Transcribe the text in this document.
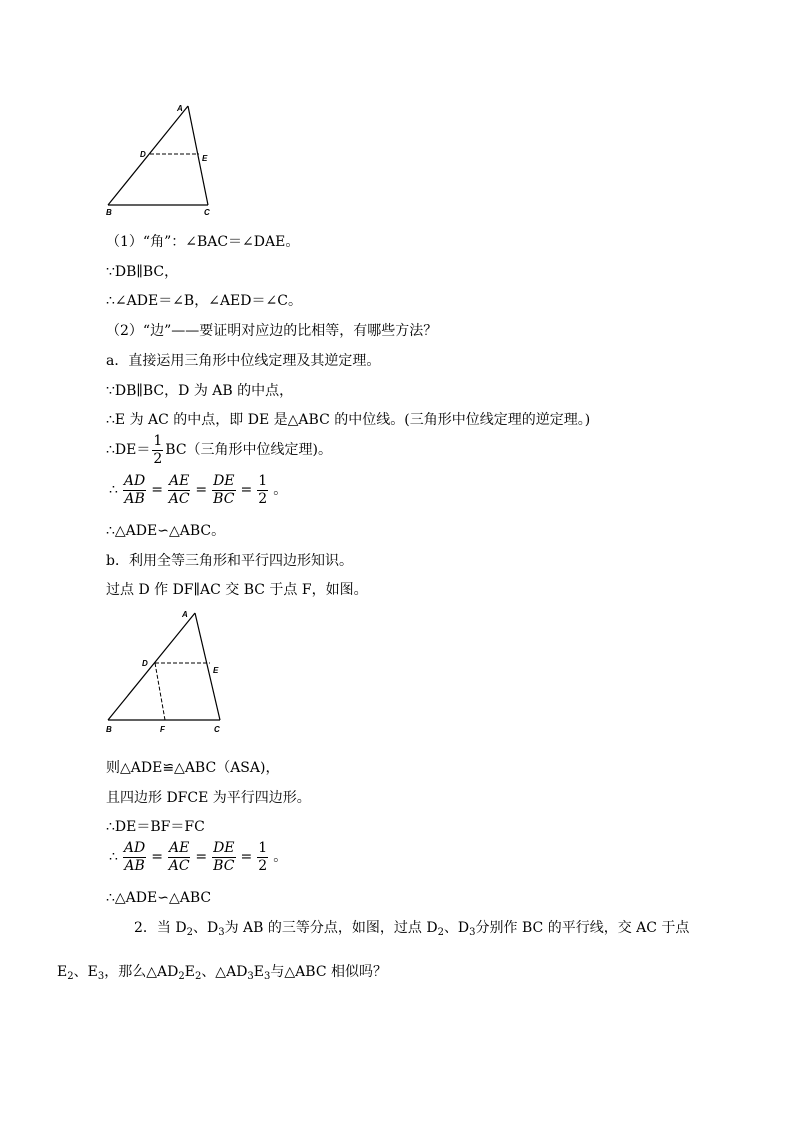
A
D	E
B	C
（1）“角”：∠BAC＝∠DAE。
∵DB∥BC，
∴∠ADE＝∠B，∠AED＝∠C。
（2）“边”——要证明对应边的比相等，有哪些方法？
a．直接运用三角形中位线定理及其逆定理。
∵DB∥BC，D 为 AB 的中点，
∴E 为 AC 的中点，即 DE 是△ABC 的中位线。(三角形中位线定理的逆定理。)
∴DE＝ $\frac{1}{2} BC$（三角形中位线定理)。
∴ $\frac{AD}{AB} = \frac{AE}{AC} = \frac{DE}{BC} = \frac{1}{2}$ 。
∴△ADE∽△ABC。
b．利用全等三角形和平行四边形知识。
过点 D 作 DF∥AC 交 BC 于点 F，如图。
A
D
E
B	F	C
则△ADE≌△ABC（ASA)，
且四边形 DFCE 为平行四边形。
∴DE＝BF＝FC
∴ $\frac{AD}{AB} = \frac{AE}{AC} = \frac{DE}{BC} = \frac{1}{2}$ 。
∴△ADE∽△ABC
2．当 $D_2$、$D_3$为 AB 的三等分点，如图，过点 $D_2$、$D_3$分别作 BC 的平行线，交 AC 于点
$E_2$、$E_3$，那么$\triangle AD_2E_2$、$\triangle AD_3E_3$与△ABC 相似吗？
